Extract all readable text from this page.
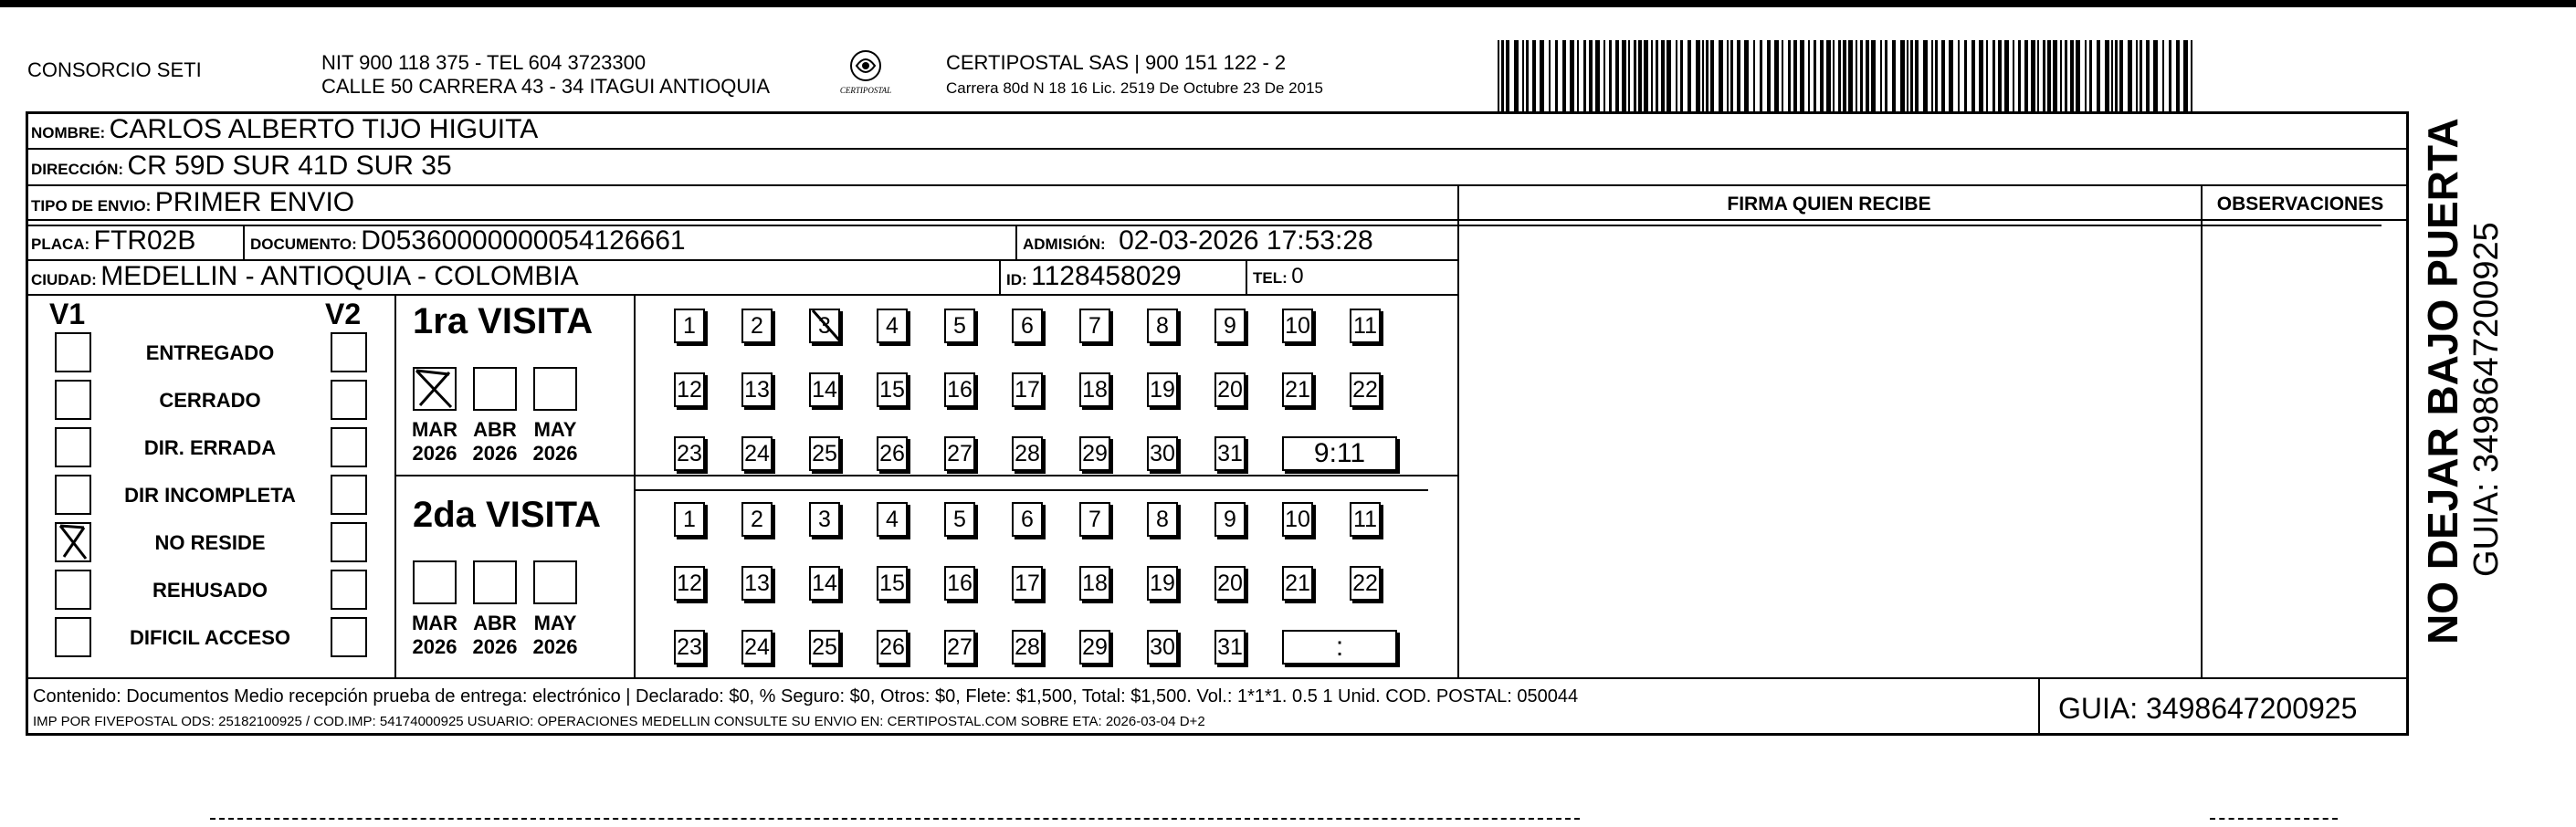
CONSORCIO SETI	NIT 900 118 375 - TEL 604 3723300
CALLE 50 CARRERA 43 - 34 ITAGUI ANTIOQUIA	CERTIPOSTAL
CERTIPOSTAL SAS | 900 151 122 - 2
Carrera 80d N 18 16 Lic. 2519 De Octubre 23 De 2015
NOMBRE: CARLOS ALBERTO TIJO HIGUITA
DIRECCIÓN: CR 59D SUR 41D SUR 35
TIPO DE ENVIO: PRIMER ENVIO
PLACA: FTR02B	DOCUMENTO: D05360000000054126661	ADMISIÓN: 02-03-2026 17:53:28
CIUDAD: MEDELLIN - ANTIOQUIA - COLOMBIA	ID: 1128458029	TEL: 0
FIRMA QUIEN RECIBE	OBSERVACIONES
V1	V2
ENTREGADO
CERRADO
DIR. ERRADA
DIR INCOMPLETA
NO RESIDE
REHUSADO
DIFICIL ACCESO
1ra VISITA
2da VISITA
MAR
2026
ABR
2026
MAY
2026
1	2	3	4	5	6	7	8	9	10 11
12 13 14 15 16 17 18 19 20 21 22
23 24 25 26 27 28 29 30 31	9:11
MAR
2026
ABR
2026
MAY
2026
1	2	3	4	5	6	7	8	9	10 11
12 13 14 15 16 17 18 19 20 21 22
23 24 25 26 27 28 29 30 31	:
Contenido: Documentos Medio recepción prueba de entrega: electrónico | Declarado: $0, % Seguro: $0, Otros: $0, Flete: $1,500, Total: $1,500. Vol.: 1*1*1. 0.5 1 Unid. COD. POSTAL: 050044
IMP POR FIVEPOSTAL ODS: 25182100925 / COD.IMP: 54174000925 USUARIO: OPERACIONES MEDELLIN CONSULTE SU ENVIO EN: CERTIPOSTAL.COM SOBRE ETA: 2026-03-04 D+2	GUIA: 3498647200925
NO DEJAR BAJO PUERTA GUIA: 3498647200925
